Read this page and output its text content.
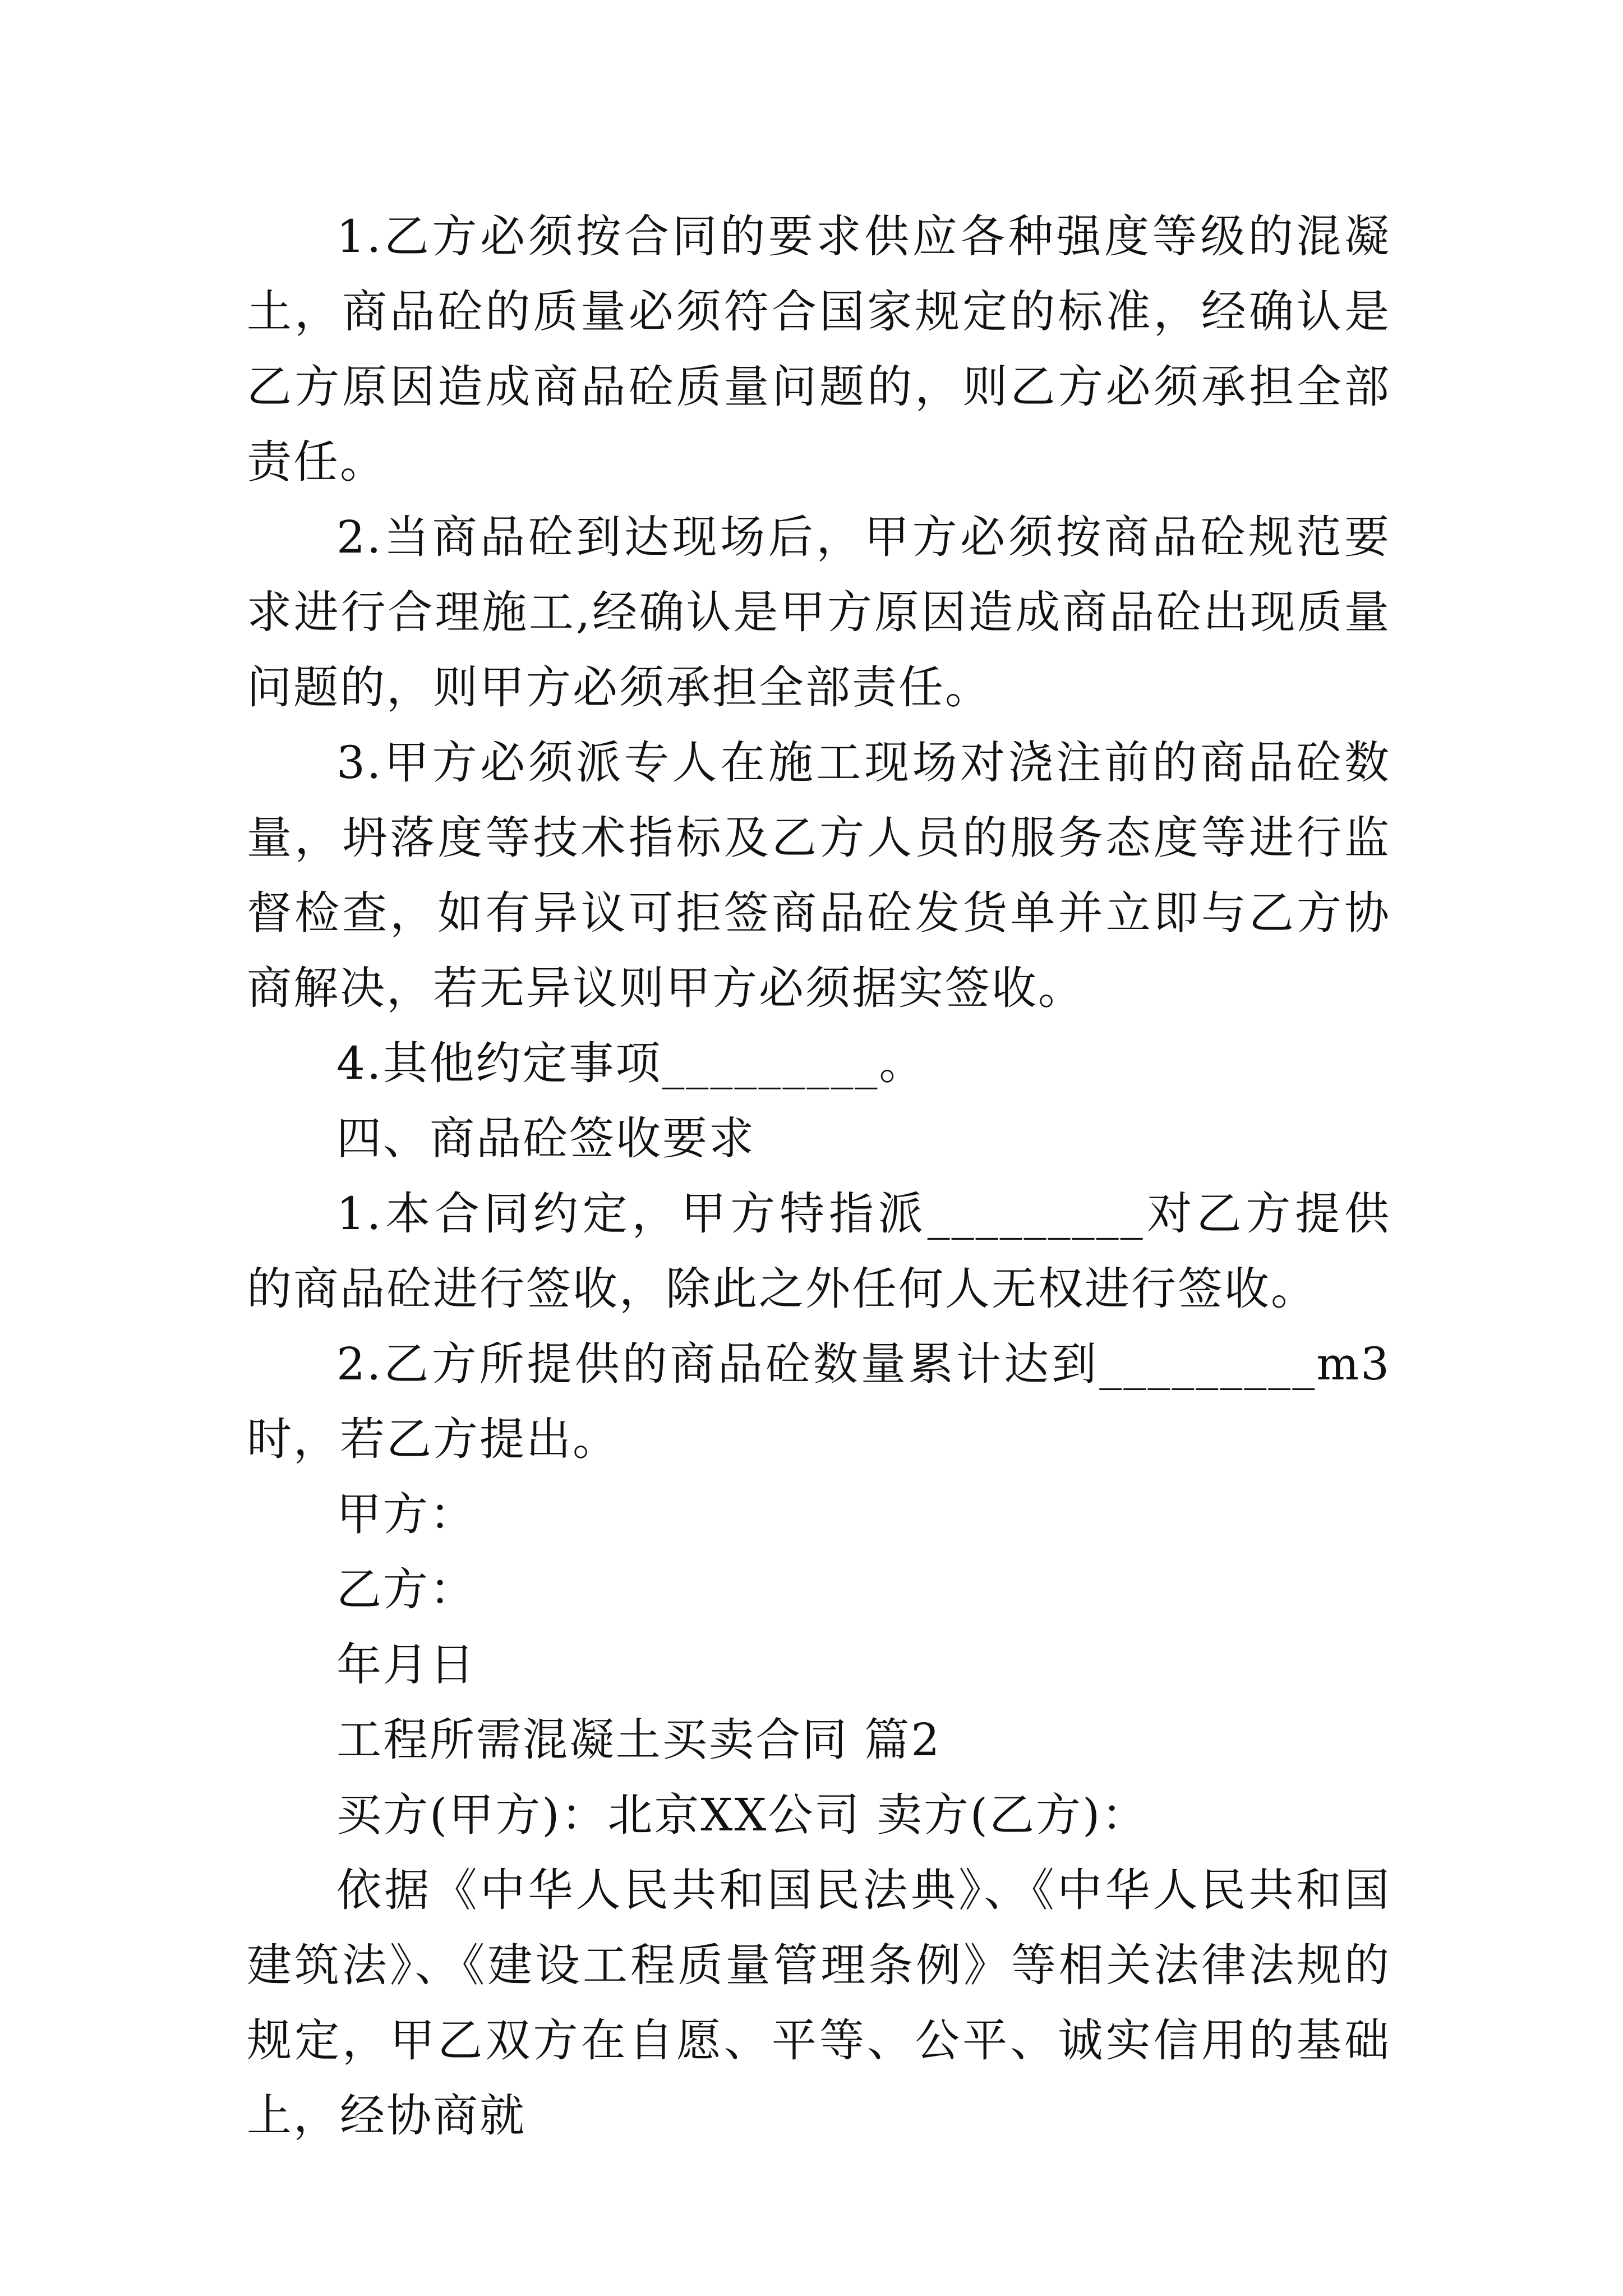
1.乙方必须按合同的要求供应各种强度等级的混凝土，商品砼的质量必须符合国家规定的标准，经确认是乙方原因造成商品砼质量问题的，则乙方必须承担全部责任。

2.当商品砼到达现场后，甲方必须按商品砼规范要求进行合理施工,经确认是甲方原因造成商品砼出现质量问题的，则甲方必须承担全部责任。

3.甲方必须派专人在施工现场对浇注前的商品砼数量，坍落度等技术指标及乙方人员的服务态度等进行监督检查，如有异议可拒签商品砼发货单并立即与乙方协商解决，若无异议则甲方必须据实签收。

4.其他约定事项_________。

四、商品砼签收要求

1.本合同约定，甲方特指派_________对乙方提供的商品砼进行签收，除此之外任何人无权进行签收。

2.乙方所提供的商品砼数量累计达到_________m3时，若乙方提出。

甲方：

乙方：

年月日

工程所需混凝土买卖合同 篇2

买方(甲方)：北京XX公司 卖方(乙方)：

依据《中华人民共和国民法典》、《中华人民共和国建筑法》、《建设工程质量管理条例》等相关法律法规的规定，甲乙双方在自愿、平等、公平、诚实信用的基础上，经协商就
